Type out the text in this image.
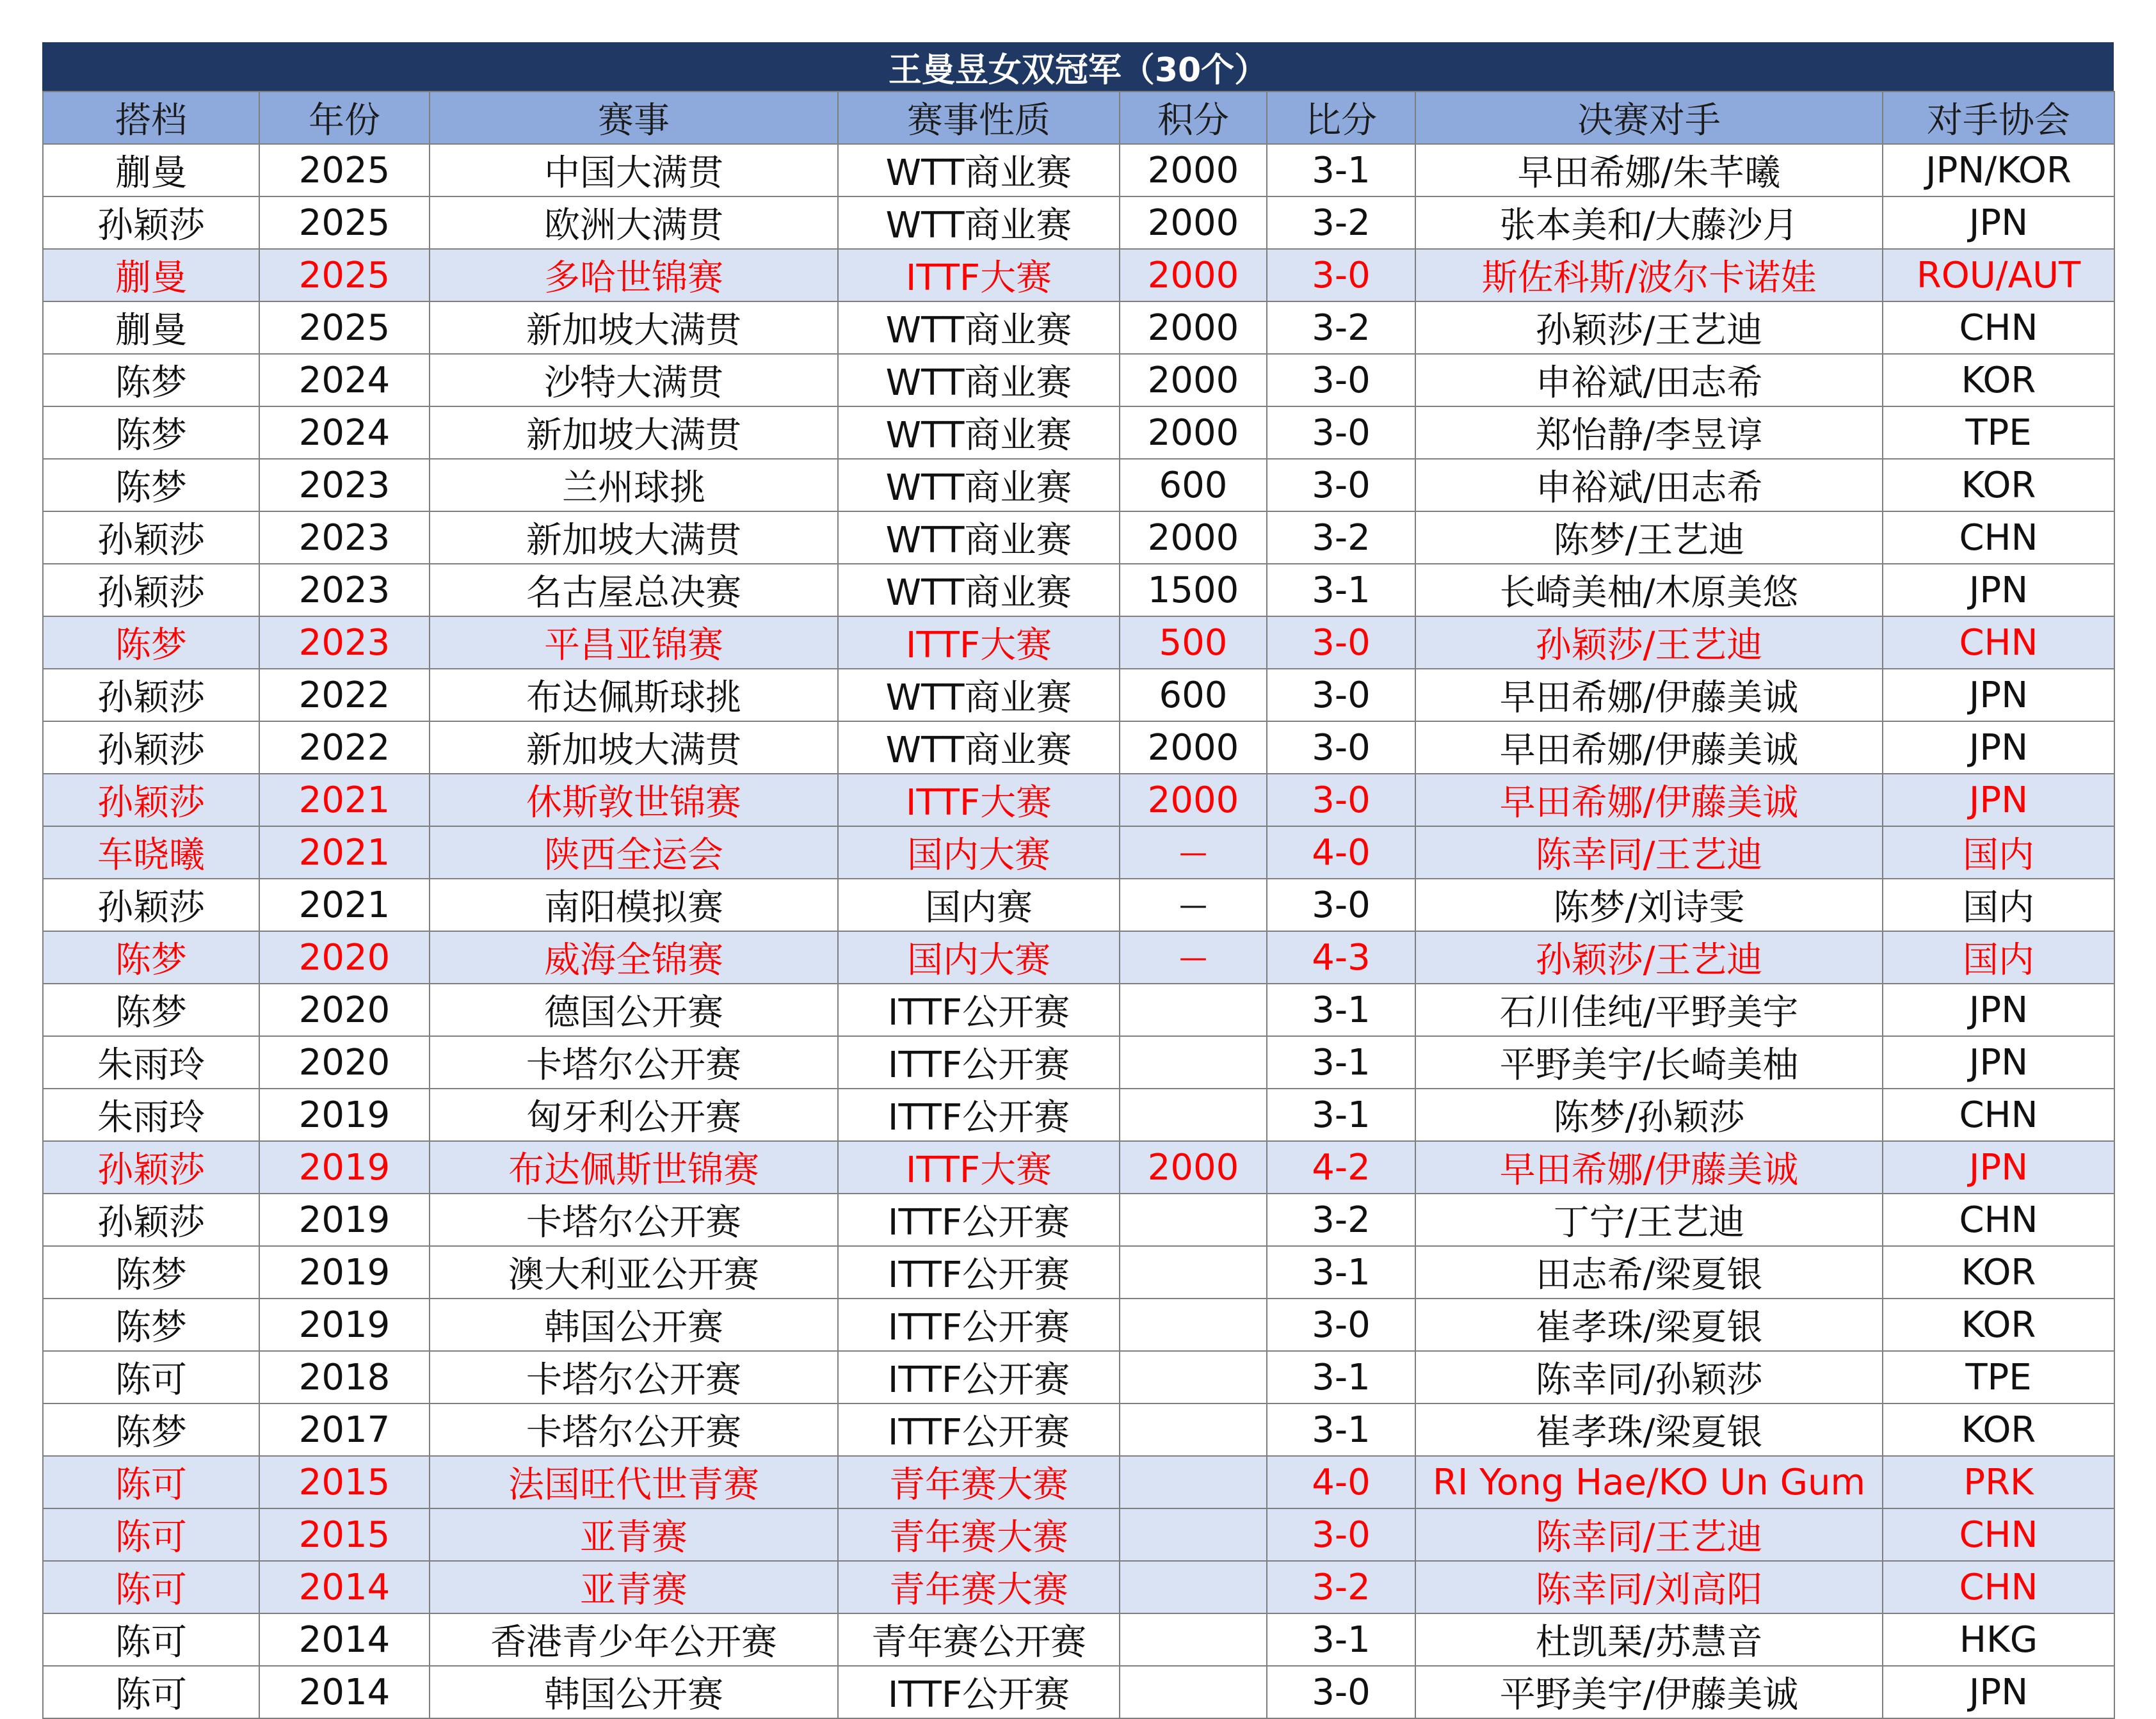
王曼昱女双冠军（30个）
搭档	年份	赛事	赛事性质	积分	比分	决赛对手	对手协会
蒯曼	2025	中国大满贯	WTT商业赛	2000	3-1	早田希娜/朱芊曦	JPN/KOR
孙颖莎	2025	欧洲大满贯	WTT商业赛	2000	3-2	张本美和/大藤沙月	JPN
蒯曼	2025	多哈世锦赛	ITTF大赛	2000	3-0	斯佐科斯/波尔卡诺娃	ROU/AUT
蒯曼	2025	新加坡大满贯	WTT商业赛	2000	3-2	孙颖莎/王艺迪	CHN
陈梦	2024	沙特大满贯	WTT商业赛	2000	3-0	申裕斌/田志希	KOR
陈梦	2024	新加坡大满贯	WTT商业赛	2000	3-0	郑怡静/李昱谆	TPE
陈梦	2023	兰州球挑	WTT商业赛	600	3-0	申裕斌/田志希	KOR
孙颖莎	2023	新加坡大满贯	WTT商业赛	2000	3-2	陈梦/王艺迪	CHN
孙颖莎	2023	名古屋总决赛	WTT商业赛	1500	3-1	长崎美柚/木原美悠	JPN
陈梦	2023	平昌亚锦赛	ITTF大赛	500	3-0	孙颖莎/王艺迪	CHN
孙颖莎	2022	布达佩斯球挑	WTT商业赛	600	3-0	早田希娜/伊藤美诚	JPN
孙颖莎	2022	新加坡大满贯	WTT商业赛	2000	3-0	早田希娜/伊藤美诚	JPN
孙颖莎	2021	休斯敦世锦赛	ITTF大赛	2000	3-0	早田希娜/伊藤美诚	JPN
车晓曦	2021	陕西全运会	国内大赛	—	4-0	陈幸同/王艺迪	国内
孙颖莎	2021	南阳模拟赛	国内赛	—	3-0	陈梦/刘诗雯	国内
陈梦	2020	威海全锦赛	国内大赛	—	4-3	孙颖莎/王艺迪	国内
陈梦	2020	德国公开赛	ITTF公开赛		3-1	石川佳纯/平野美宇	JPN
朱雨玲	2020	卡塔尔公开赛	ITTF公开赛		3-1	平野美宇/长崎美柚	JPN
朱雨玲	2019	匈牙利公开赛	ITTF公开赛		3-1	陈梦/孙颖莎	CHN
孙颖莎	2019	布达佩斯世锦赛	ITTF大赛	2000	4-2	早田希娜/伊藤美诚	JPN
孙颖莎	2019	卡塔尔公开赛	ITTF公开赛		3-2	丁宁/王艺迪	CHN
陈梦	2019	澳大利亚公开赛	ITTF公开赛		3-1	田志希/梁夏银	KOR
陈梦	2019	韩国公开赛	ITTF公开赛		3-0	崔孝珠/梁夏银	KOR
陈可	2018	卡塔尔公开赛	ITTF公开赛		3-1	陈幸同/孙颖莎	TPE
陈梦	2017	卡塔尔公开赛	ITTF公开赛		3-1	崔孝珠/梁夏银	KOR
陈可	2015	法国旺代世青赛	青年赛大赛		4-0	RI Yong Hae/KO Un Gum	PRK
陈可	2015	亚青赛	青年赛大赛		3-0	陈幸同/王艺迪	CHN
陈可	2014	亚青赛	青年赛大赛		3-2	陈幸同/刘高阳	CHN
陈可	2014	香港青少年公开赛	青年赛公开赛		3-1	杜凯琹/苏慧音	HKG
陈可	2014	韩国公开赛	ITTF公开赛		3-0	平野美宇/伊藤美诚	JPN
